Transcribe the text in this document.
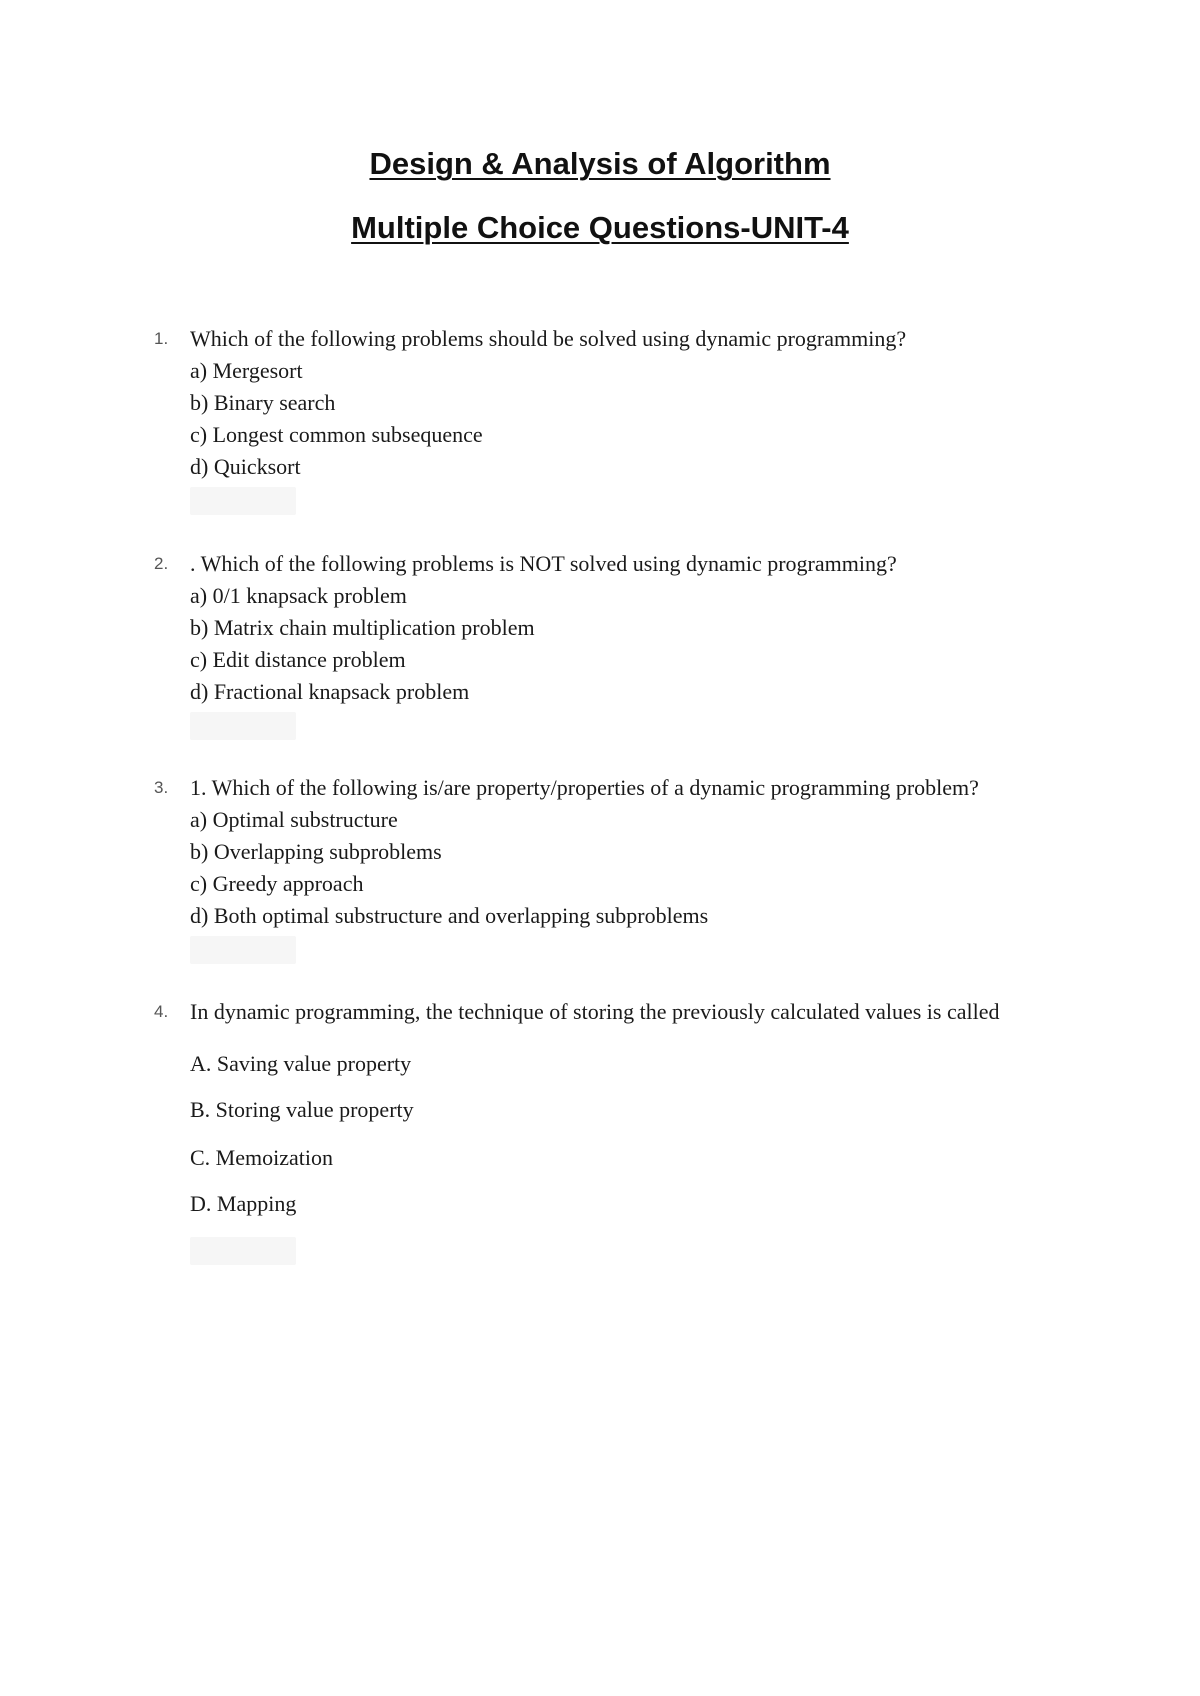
Design & Analysis of Algorithm
Multiple Choice Questions-UNIT-4
1. Which of the following problems should be solved using dynamic programming?
a) Mergesort
b) Binary search
c) Longest common subsequence
d) Quicksort
2. . Which of the following problems is NOT solved using dynamic programming?
a) 0/1 knapsack problem
b) Matrix chain multiplication problem
c) Edit distance problem
d) Fractional knapsack problem
3. 1. Which of the following is/are property/properties of a dynamic programming problem?
a) Optimal substructure
b) Overlapping subproblems
c) Greedy approach
d) Both optimal substructure and overlapping subproblems
4. In dynamic programming, the technique of storing the previously calculated values is called
A. Saving value property
B. Storing value property
C. Memoization
D. Mapping
